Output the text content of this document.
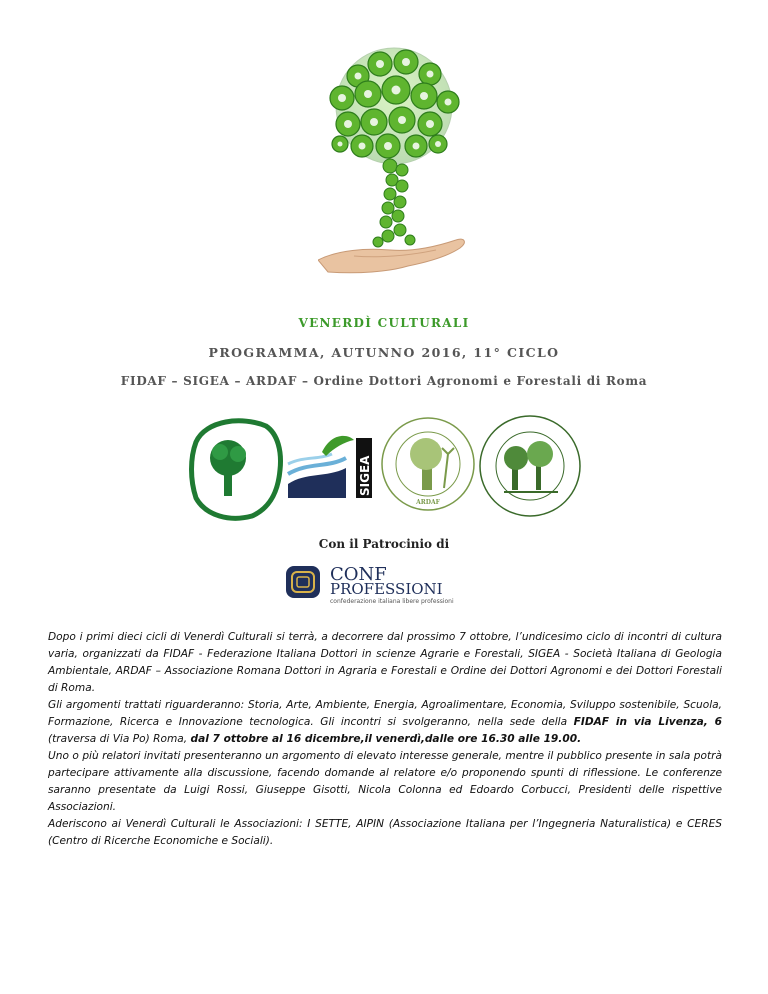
VENERDÌ CULTURALI
PROGRAMMA, AUTUNNO 2016, 11° CICLO
FIDAF – SIGEA – ARDAF – Ordine Dottori Agronomi e Forestali di Roma
FIDAF
SIGEA
ARDAF
Con il Patrocinio di
CONF
PROFESSIONI
confederazione italiana libere professioni

Dopo i primi dieci cicli di Venerdì Culturali si terrà, a decorrere dal prossimo 7 ottobre, l’undicesimo ciclo di incontri di cultura varia, organizzati da FIDAF - Federazione Italiana Dottori in scienze Agrarie e Forestali, SIGEA - Società Italiana di Geologia Ambientale, ARDAF – Associazione Romana Dottori in Agraria e Forestali e Ordine dei Dottori Agronomi e dei Dottori Forestali di Roma.

Gli argomenti trattati riguarderanno: Storia, Arte, Ambiente, Energia, Agroalimentare, Economia, Sviluppo sostenibile, Scuola, Formazione, Ricerca e Innovazione tecnologica. Gli incontri si svolgeranno, nella sede della FIDAF in via Livenza, 6 (traversa di Via Po) Roma, dal 7 ottobre al 16 dicembre,il venerdì,dalle ore 16.30 alle 19.00.

Uno o più relatori invitati presenteranno un argomento di elevato interesse generale, mentre il pubblico presente in sala potrà partecipare attivamente alla discussione, facendo domande al relatore e/o proponendo spunti di riflessione. Le conferenze saranno presentate da Luigi Rossi, Giuseppe Gisotti, Nicola Colonna ed Edoardo Corbucci, Presidenti delle rispettive Associazioni.

Aderiscono ai Venerdì Culturali le Associazioni: I SETTE, AIPIN (Associazione Italiana per l’Ingegneria Naturalistica) e CERES (Centro di Ricerche Economiche e Sociali).
